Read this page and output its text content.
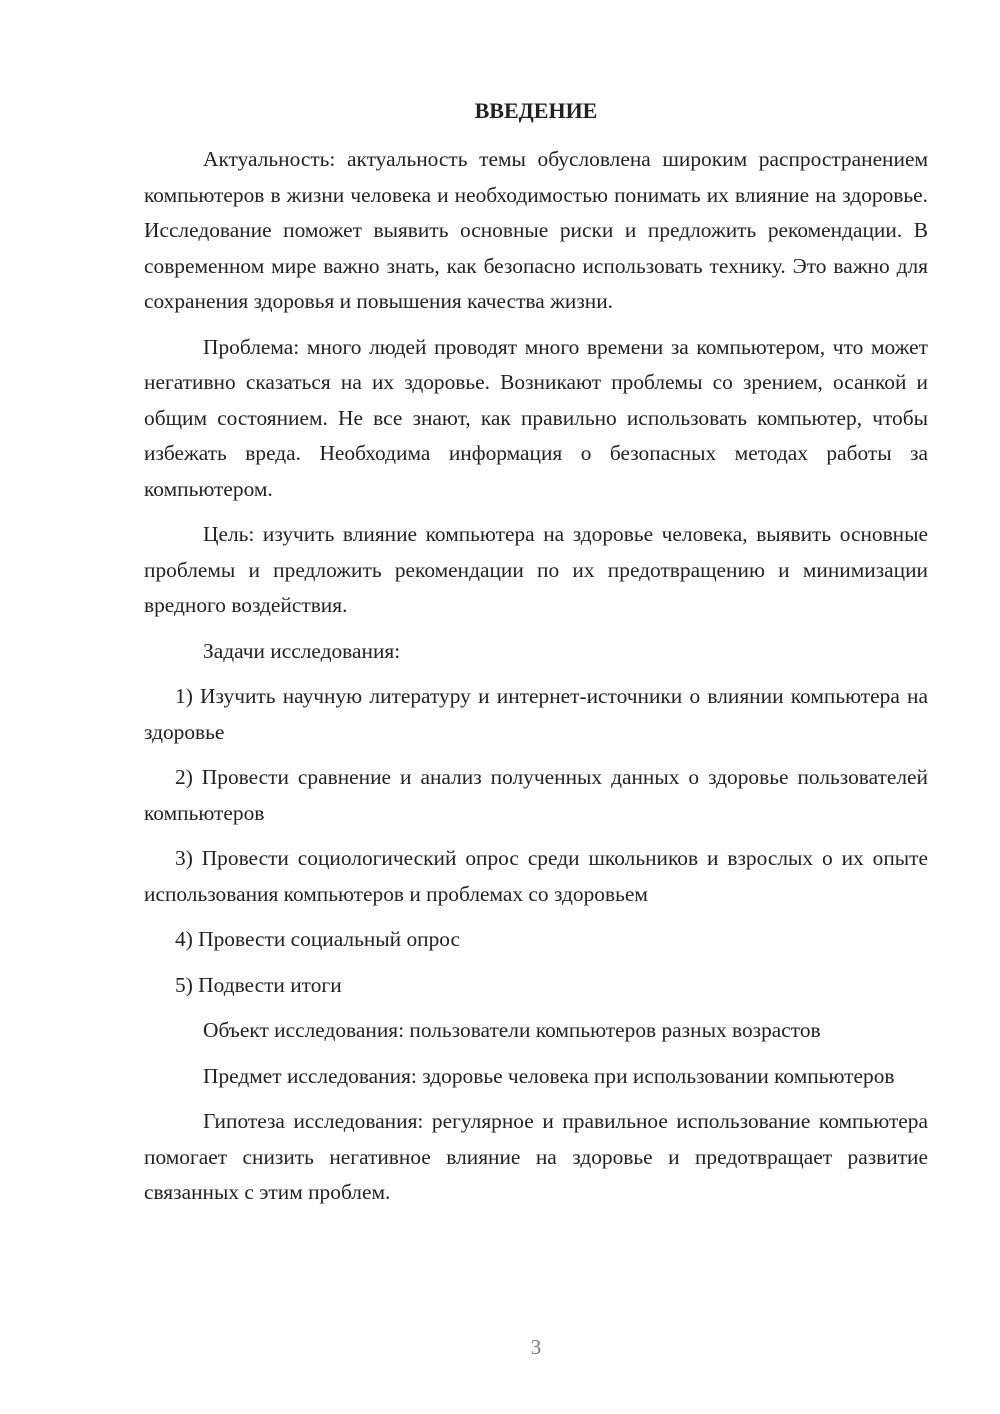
ВВЕДЕНИЕ

Актуальность: актуальность темы обусловлена широким распространением компьютеров в жизни человека и необходимостью понимать их влияние на здоровье. Исследование поможет выявить основные риски и предложить рекомендации. В современном мире важно знать, как безопасно использовать технику. Это важно для сохранения здоровья и повышения качества жизни.

Проблема: много людей проводят много времени за компьютером, что может негативно сказаться на их здоровье. Возникают проблемы со зрением, осанкой и общим состоянием. Не все знают, как правильно использовать компьютер, чтобы избежать вреда. Необходима информация о безопасных методах работы за компьютером.

Цель: изучить влияние компьютера на здоровье человека, выявить основные проблемы и предложить рекомендации по их предотвращению и минимизации вредного воздействия.

Задачи исследования:

1) Изучить научную литературу и интернет-источники о влиянии компьютера на здоровье

2) Провести сравнение и анализ полученных данных о здоровье пользователей компьютеров

3) Провести социологический опрос среди школьников и взрослых о их опыте использования компьютеров и проблемах со здоровьем

4) Провести социальный опрос

5) Подвести итоги

Объект исследования: пользователи компьютеров разных возрастов

Предмет исследования: здоровье человека при использовании компьютеров

Гипотеза исследования: регулярное и правильное использование компьютера помогает снизить негативное влияние на здоровье и предотвращает развитие связанных с этим проблем.

3
